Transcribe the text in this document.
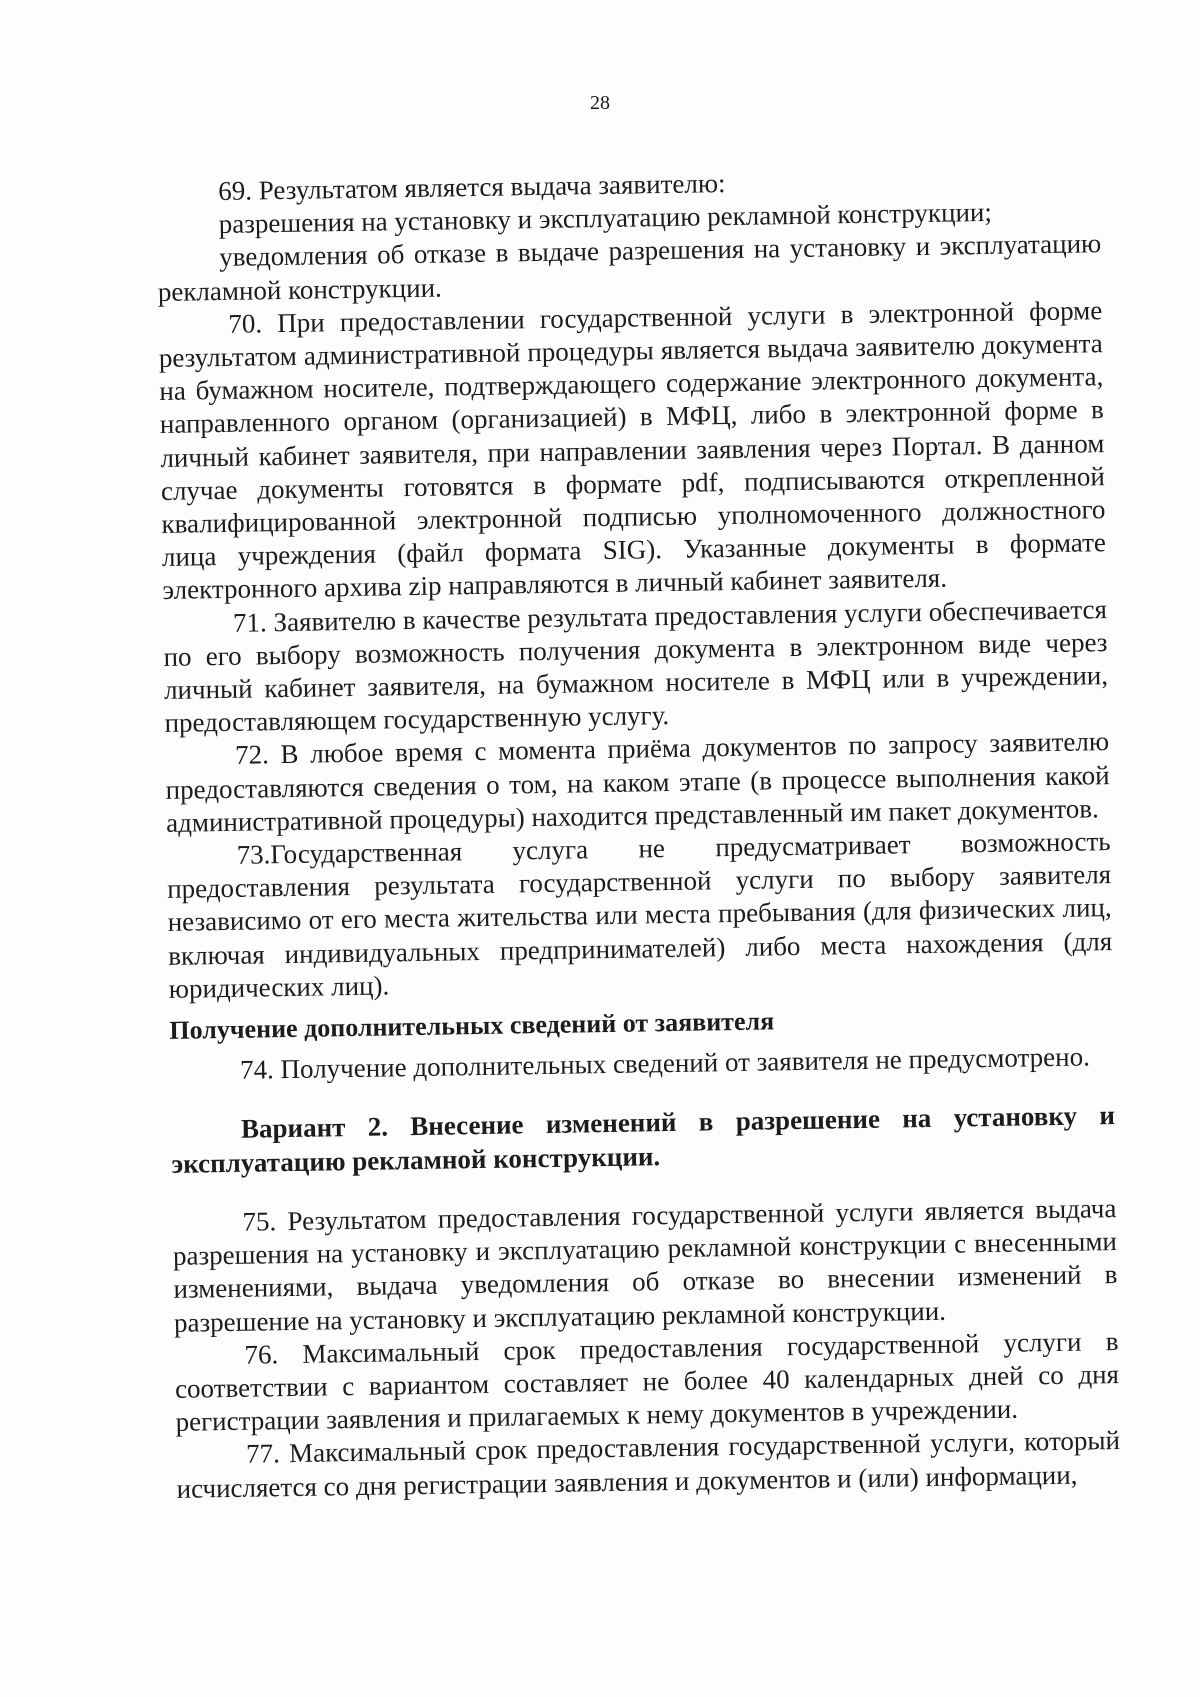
28

69. Результатом является выдача заявителю:

разрешения на установку и эксплуатацию рекламной конструкции;

уведомления об отказе в выдаче разрешения на установку и эксплуатацию рекламной конструкции.

70. При предоставлении государственной услуги в электронной форме результатом административной процедуры является выдача заявителю документа на бумажном носителе, подтверждающего содержание электронного документа, направленного органом (организацией) в МФЦ, либо в электронной форме в личный кабинет заявителя, при направлении заявления через Портал. В данном случае документы готовятся в формате pdf, подписываются открепленной квалифицированной электронной подписью уполномоченного должностного лица учреждения (файл формата SIG). Указанные документы в формате электронного архива zip направляются в личный кабинет заявителя.

71. Заявителю в качестве результата предоставления услуги обеспечивается по его выбору возможность получения документа в электронном виде через личный кабинет заявителя, на бумажном носителе в МФЦ или в учреждении, предоставляющем государственную услугу.

72. В любое время с момента приёма документов по запросу заявителю предоставляются сведения о том, на каком этапе (в процессе выполнения какой административной процедуры) находится представленный им пакет документов.

73.Государственная услуга не предусматривает возможность предоставления результата государственной услуги по выбору заявителя независимо от его места жительства или места пребывания (для физических лиц, включая индивидуальных предпринимателей) либо места нахождения (для юридических лиц).

Получение дополнительных сведений от заявителя

74. Получение дополнительных сведений от заявителя не предусмотрено.

Вариант 2. Внесение изменений в разрешение на установку и эксплуатацию рекламной конструкции.

75. Результатом предоставления государственной услуги является выдача разрешения на установку и эксплуатацию рекламной конструкции с внесенными изменениями, выдача уведомления об отказе во внесении изменений в разрешение на установку и эксплуатацию рекламной конструкции.

76. Максимальный срок предоставления государственной услуги в соответствии с вариантом составляет не более 40 календарных дней со дня регистрации заявления и прилагаемых к нему документов в учреждении.

77. Максимальный срок предоставления государственной услуги, который исчисляется со дня регистрации заявления и документов и (или) информации,
